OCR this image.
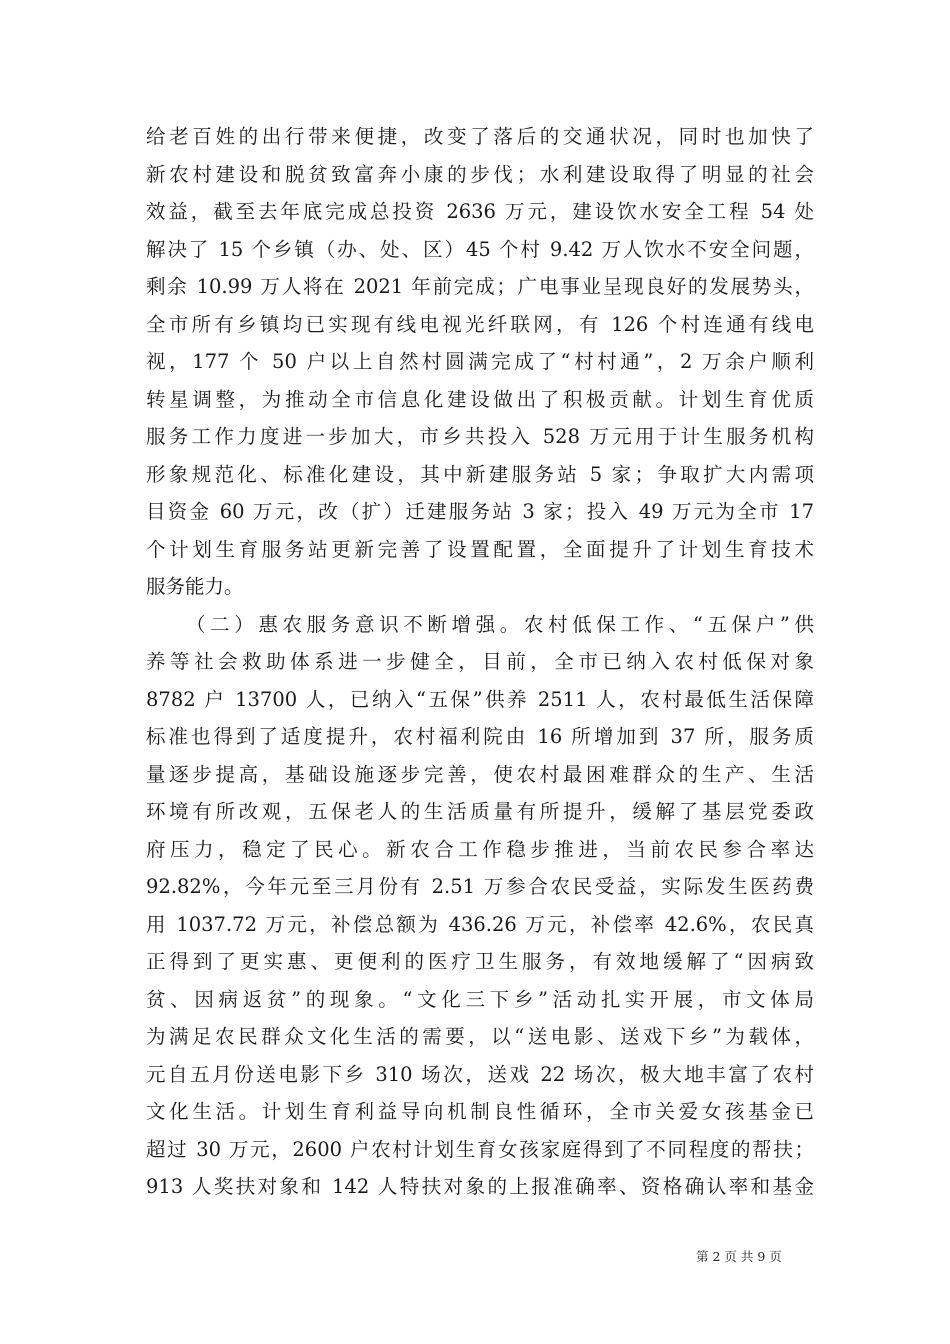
给老百姓的出行带来便捷，改变了落后的交通状况，同时也加快了
新农村建设和脱贫致富奔小康的步伐；水利建设取得了明显的社会
效益，截至去年底完成总投资 2636 万元，建设饮水安全工程 54 处
解决了 15 个乡镇（办、处、区）45 个村 9.42 万人饮水不安全问题，
剩余 10.99 万人将在 2021 年前完成；广电事业呈现良好的发展势头，
全市所有乡镇均已实现有线电视光纤联网，有 126 个村连通有线电
视，177 个 50 户以上自然村圆满完成了“村村通”，2 万余户顺利
转星调整，为推动全市信息化建设做出了积极贡献。计划生育优质
服务工作力度进一步加大，市乡共投入 528 万元用于计生服务机构
形象规范化、标准化建设，其中新建服务站 5 家；争取扩大内需项
目资金 60 万元，改（扩）迁建服务站 3 家；投入 49 万元为全市 17
个计划生育服务站更新完善了设置配置，全面提升了计划生育技术
服务能力。
（二）惠农服务意识不断增强。农村低保工作、“五保户”供
养等社会救助体系进一步健全，目前，全市已纳入农村低保对象
8782 户 13700 人，已纳入“五保”供养 2511 人，农村最低生活保障
标准也得到了适度提升，农村福利院由 16 所增加到 37 所，服务质
量逐步提高，基础设施逐步完善，使农村最困难群众的生产、生活
环境有所改观，五保老人的生活质量有所提升，缓解了基层党委政
府压力，稳定了民心。新农合工作稳步推进，当前农民参合率达
92.82%，今年元至三月份有 2.51 万参合农民受益，实际发生医药费
用 1037.72 万元，补偿总额为 436.26 万元，补偿率 42.6%，农民真
正得到了更实惠、更便利的医疗卫生服务，有效地缓解了“因病致
贫、因病返贫”的现象。“文化三下乡”活动扎实开展，市文体局
为满足农民群众文化生活的需要，以“送电影、送戏下乡”为载体，
元自五月份送电影下乡 310 场次，送戏 22 场次，极大地丰富了农村
文化生活。计划生育利益导向机制良性循环，全市关爱女孩基金已
超过 30 万元，2600 户农村计划生育女孩家庭得到了不同程度的帮扶；
913 人奖扶对象和 142 人特扶对象的上报准确率、资格确认率和基金
第 2 页 共 9 页
